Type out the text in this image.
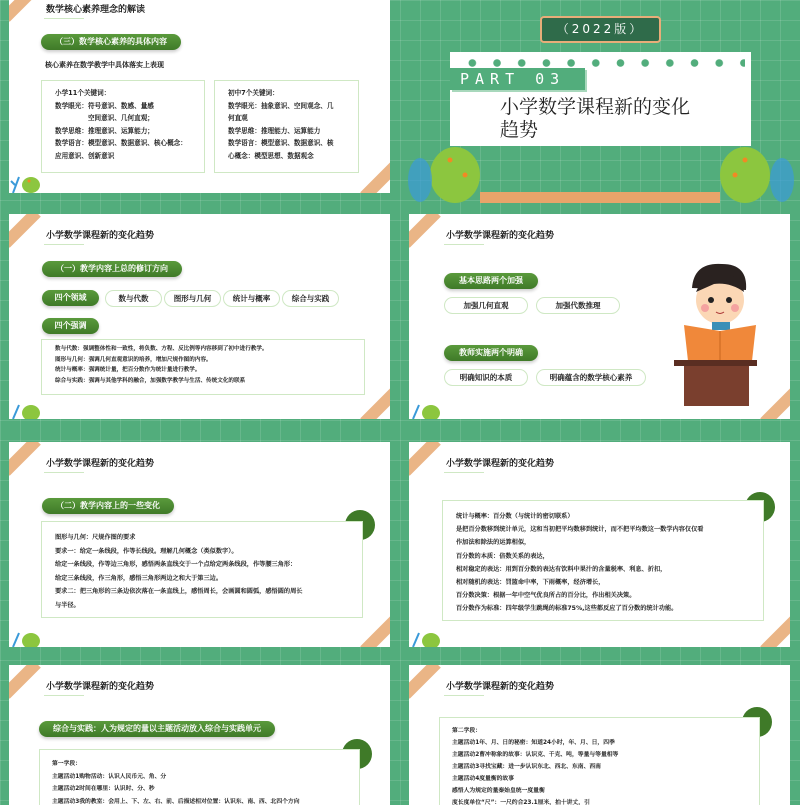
数学核心素养理念的解读
（三）数学核心素养的具体内容
核心素养在数学教学中具体落实上表现
小学11个关键词：
数学眼光：符号意识、数感、量感
　　　　　空间意识、几何直观；
数学思维：推理意识、运算能力；
数学语言：模型意识、数据意识、核心概念：
应用意识、创新意识
初中7个关键词：
数学眼光：抽象意识、空间观念、几
何直观
数学思维：推理能力、运算能力
数学语言：模型意识、数据意识、核
心概念：模型思想、数据观念
（2022版）
PART 03
小学数学课程新的变化
趋势
小学数学课程新的变化趋势
（一）教学内容上总的修订方向
四个领域	数与代数	图形与几何	统计与概率	综合与实践
四个强调
数与代数：强调整体性和一致性，将负数、方程、反比例等内容移到了初中进行教学。
图形与几何：强调几何直观意识的培养，增加尺规作图的内容。
统计与概率：强调统计量，把百分数作为统计量进行教学。
综合与实践：强调与其他学科的融合，加强数学教学与生活、传统文化的联系
小学数学课程新的变化趋势
基本思路两个加强
加强几何直观	加强代数推理
教师实施两个明确
明确知识的本质	明确蕴含的数学核心素养
小学数学课程新的变化趋势
（二）教学内容上的一些变化
图形与几何：尺规作图的要求
要求一：给定一条线段，作等长线段。理解几何概念（类似数字）。
给定一条线段，作等边三角形，感悟两条直线交于一个点给定两条线段，作等腰三角形：
给定三条线段，作三角形，感悟三角形两边之和大于第三边。
要求二：把三角形的三条边依次落在一条直线上，感悟周长，会画圆和圆弧，感悟圆的周长
与半径。
小学数学课程新的变化趋势
统计与概率：百分数（与统计的密切联系）
是把百分数移到统计单元，这和当初把平均数移到统计，而不把平均数这一数学内容仅仅看
作加法和除法的运算相似，
百分数的本质：倍数关系的表达，
相对稳定的表达：用到百分数的表达有饮料中果汁的含量税率、利息、折扣，
相对随机的表达：罚篮命中率，下雨概率，经济增长，
百分数决策：根据一年中空气优良所占的百分比，作出相关决策。
百分数作为标准：四年级学生跳绳的标准75%,这些都反应了百分数的统计功能。
小学数学课程新的变化趋势
综合与实践：人为规定的量以主题活动放入综合与实践单元
第一学段：
主题活动1购物活动：认识人民币元、角、分
主题活动2时间在哪里：认识时、分、秒
主题活动3我的教室：会用上、下、左、右、前、后描述相对位置：认识东、南、西、北四个方向
小学数学课程新的变化趋势
第二学段：
主题活动1年、月、日的秘密：知道24小时，年、月、日，四季
主题活动2曹冲称象的故事：认识克、千克、吨，等量与等量相等
主题活动3寻找宝藏：进一步认识东北、西北、东南、西南
主题活动4度量衡的故事
感悟人为规定的量秦始皇统一度量衡
度长度单位“尺”：一尺约合23.1厘米，拍十讲丈，引
